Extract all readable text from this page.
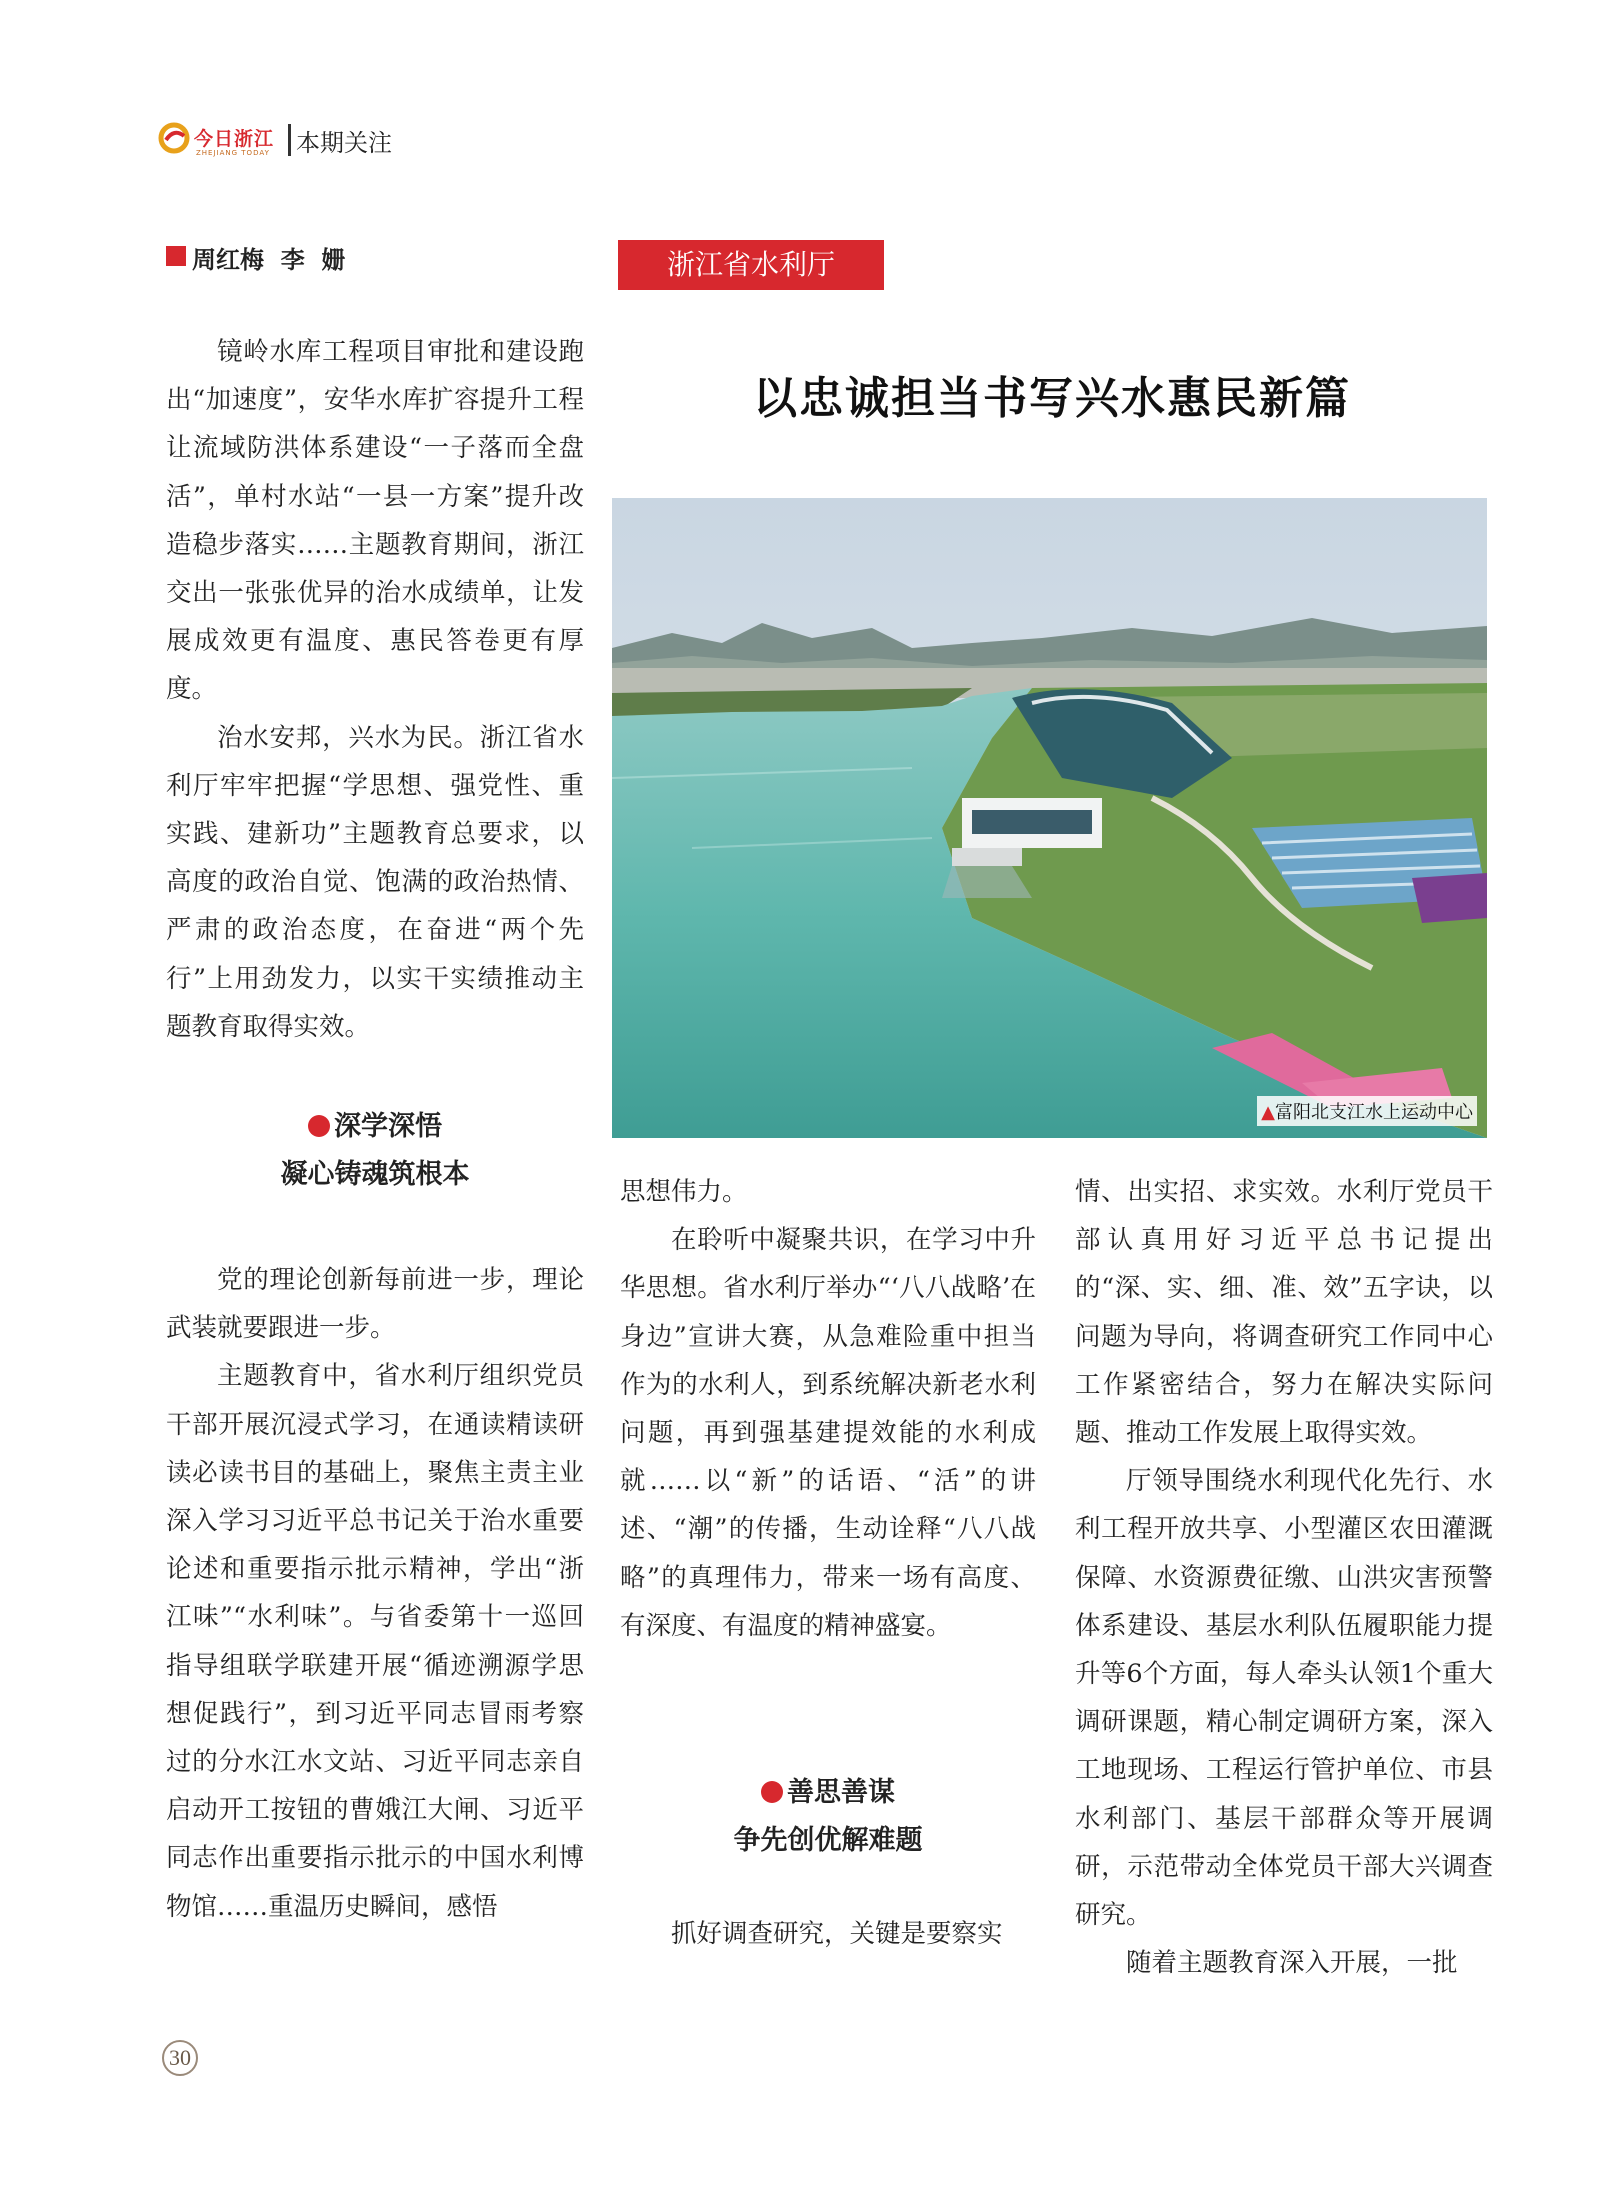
今日浙江
ZHEJIANG TODAY 本期关注
周红梅  李  姗	浙江省水利厅
以忠诚担当书写兴水惠民新篇
▲富阳北支江水上运动中心

镜岭水库工程项目审批和建设跑出“加速度”，安华水库扩容提升工程让流域防洪体系建设“一子落而全盘活”，单村水站“一县一方案”提升改造稳步落实……主题教育期间，浙江交出一张张优异的治水成绩单，让发展成效更有温度、惠民答卷更有厚度。

治水安邦，兴水为民。浙江省水利厅牢牢把握“学思想、强党性、重实践、建新功”主题教育总要求，以高度的政治自觉、饱满的政治热情、严肃的政治态度，在奋进“两个先行”上用劲发力，以实干实绩推动主题教育取得实效。

深学深悟
凝心铸魂筑根本

党的理论创新每前进一步，理论武装就要跟进一步。

主题教育中，省水利厅组织党员干部开展沉浸式学习，在通读精读研读必读书目的基础上，聚焦主责主业深入学习习近平总书记关于治水重要论述和重要指示批示精神，学出“浙江味”“水利味”。与省委第十一巡回指导组联学联建开展“循迹溯源学思想促践行”，到习近平同志冒雨考察过的分水江水文站、习近平同志亲自启动开工按钮的曹娥江大闸、习近平同志作出重要指示批示的中国水利博物馆……重温历史瞬间，感悟

思想伟力。

在聆听中凝聚共识，在学习中升华思想。省水利厅举办“‘八八战略’在身边”宣讲大赛，从急难险重中担当作为的水利人，到系统解决新老水利问题，再到强基建提效能的水利成就……以“新”的话语、“活”的讲述、“潮”的传播，生动诠释“八八战略”的真理伟力，带来一场有高度、有深度、有温度的精神盛宴。

善思善谋
争先创优解难题

抓好调查研究，关键是要察实

情、出实招、求实效。水利厅党员干部认真用好习近平总书记提出的“深、实、细、准、效”五字诀，以问题为导向，将调查研究工作同中心工作紧密结合，努力在解决实际问题、推动工作发展上取得实效。

厅领导围绕水利现代化先行、水利工程开放共享、小型灌区农田灌溉保障、水资源费征缴、山洪灾害预警体系建设、基层水利队伍履职能力提升等6个方面，每人牵头认领1个重大调研课题，精心制定调研方案，深入工地现场、工程运行管护单位、市县水利部门、基层干部群众等开展调研，示范带动全体党员干部大兴调查研究。

随着主题教育深入开展，一批

30
